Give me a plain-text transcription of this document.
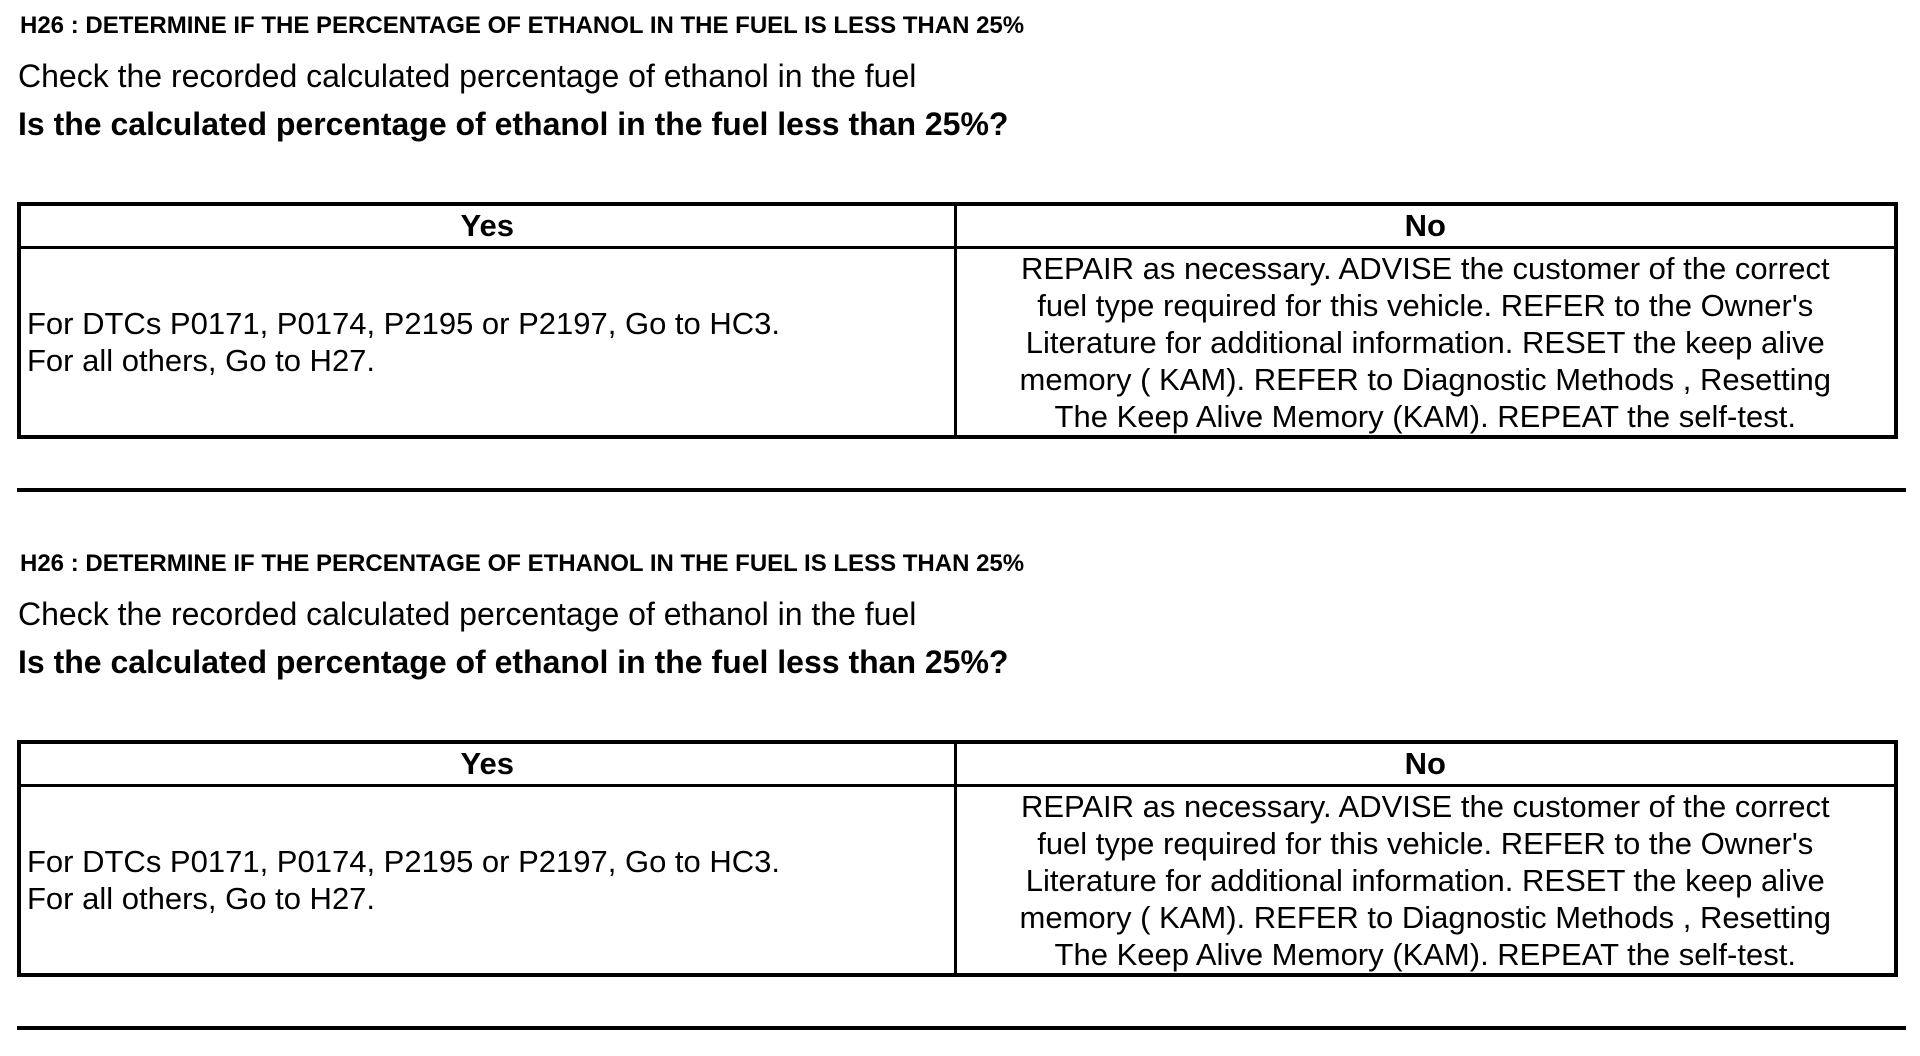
H26 : DETERMINE IF THE PERCENTAGE OF ETHANOL IN THE FUEL IS LESS THAN 25%
Check the recorded calculated percentage of ethanol in the fuel
Is the calculated percentage of ethanol in the fuel less than 25%?
Yes	No

For DTCs P0171, P0174, P2195 or P2197, Go to HC3.
For all others, Go to H27.	REPAIR as necessary. ADVISE the customer of the correct
fuel type required for this vehicle. REFER to the Owner's
Literature for additional information. RESET the keep alive
memory ( KAM). REFER to Diagnostic Methods , Resetting
The Keep Alive Memory (KAM). REPEAT the self-test.
H26 : DETERMINE IF THE PERCENTAGE OF ETHANOL IN THE FUEL IS LESS THAN 25%
Check the recorded calculated percentage of ethanol in the fuel
Is the calculated percentage of ethanol in the fuel less than 25%?
Yes	No

For DTCs P0171, P0174, P2195 or P2197, Go to HC3.
For all others, Go to H27.	REPAIR as necessary. ADVISE the customer of the correct
fuel type required for this vehicle. REFER to the Owner's
Literature for additional information. RESET the keep alive
memory ( KAM). REFER to Diagnostic Methods , Resetting
The Keep Alive Memory (KAM). REPEAT the self-test.
